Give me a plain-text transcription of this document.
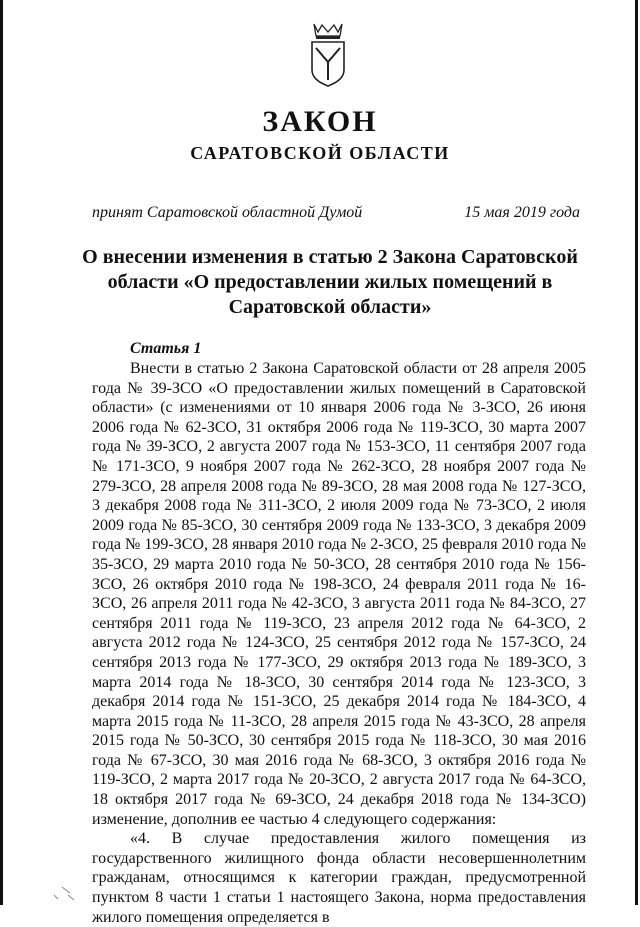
ЗАКОН
САРАТОВСКОЙ ОБЛАСТИ
принят Саратовской областной Думой	15 мая 2019 года
О внесении изменения в статью 2 Закона Саратовской области «О предоставлении жилых помещений в Саратовской области»
Статья 1

Внести в статью 2 Закона Саратовской области от 28 апреля 2005 года № 39-ЗСО «О предоставлении жилых помещений в Саратовской области» (с изменениями от 10 января 2006 года № 3-ЗСО, 26 июня 2006 года № 62-ЗСО, 31 октября 2006 года № 119-ЗСО, 30 марта 2007 года № 39-ЗСО, 2 августа 2007 года № 153-ЗСО, 11 сентября 2007 года № 171-ЗСО, 9 ноября 2007 года № 262-ЗСО, 28 ноября 2007 года № 279-ЗСО, 28 апреля 2008 года № 89-ЗСО, 28 мая 2008 года № 127-ЗСО, 3 декабря 2008 года № 311-ЗСО, 2 июля 2009 года № 73-ЗСО, 2 июля 2009 года № 85-ЗСО, 30 сентября 2009 года № 133-ЗСО, 3 декабря 2009 года № 199-ЗСО, 28 января 2010 года № 2-ЗСО, 25 февраля 2010 года № 35-ЗСО, 29 марта 2010 года № 50-ЗСО, 28 сентября 2010 года № 156-ЗСО, 26 октября 2010 года № 198-ЗСО, 24 февраля 2011 года № 16-ЗСО, 26 апреля 2011 года № 42-ЗСО, 3 августа 2011 года № 84-ЗСО, 27 сентября 2011 года № 119-ЗСО, 23 апреля 2012 года № 64-ЗСО, 2 августа 2012 года № 124-ЗСО, 25 сентября 2012 года № 157-ЗСО, 24 сентября 2013 года № 177-ЗСО, 29 октября 2013 года № 189-ЗСО, 3 марта 2014 года № 18-ЗСО, 30 сентября 2014 года № 123-ЗСО, 3 декабря 2014 года № 151-ЗСО, 25 декабря 2014 года № 184-ЗСО, 4 марта 2015 года № 11-ЗСО, 28 апреля 2015 года № 43-ЗСО, 28 апреля 2015 года № 50-ЗСО, 30 сентября 2015 года № 118-ЗСО, 30 мая 2016 года № 67-ЗСО, 30 мая 2016 года № 68-ЗСО, 3 октября 2016 года № 119-ЗСО, 2 марта 2017 года № 20-ЗСО, 2 августа 2017 года № 64-ЗСО, 18 октября 2017 года № 69-ЗСО, 24 декабря 2018 года № 134-ЗСО) изменение, дополнив ее частью 4 следующего содержания:

«4. В случае предоставления жилого помещения из государственного жилищного фонда области несовершеннолетним гражданам, относящимся к категории граждан, предусмотренной пунктом 8 части 1 статьи 1 настоящего Закона, норма предоставления жилого помещения определяется в
